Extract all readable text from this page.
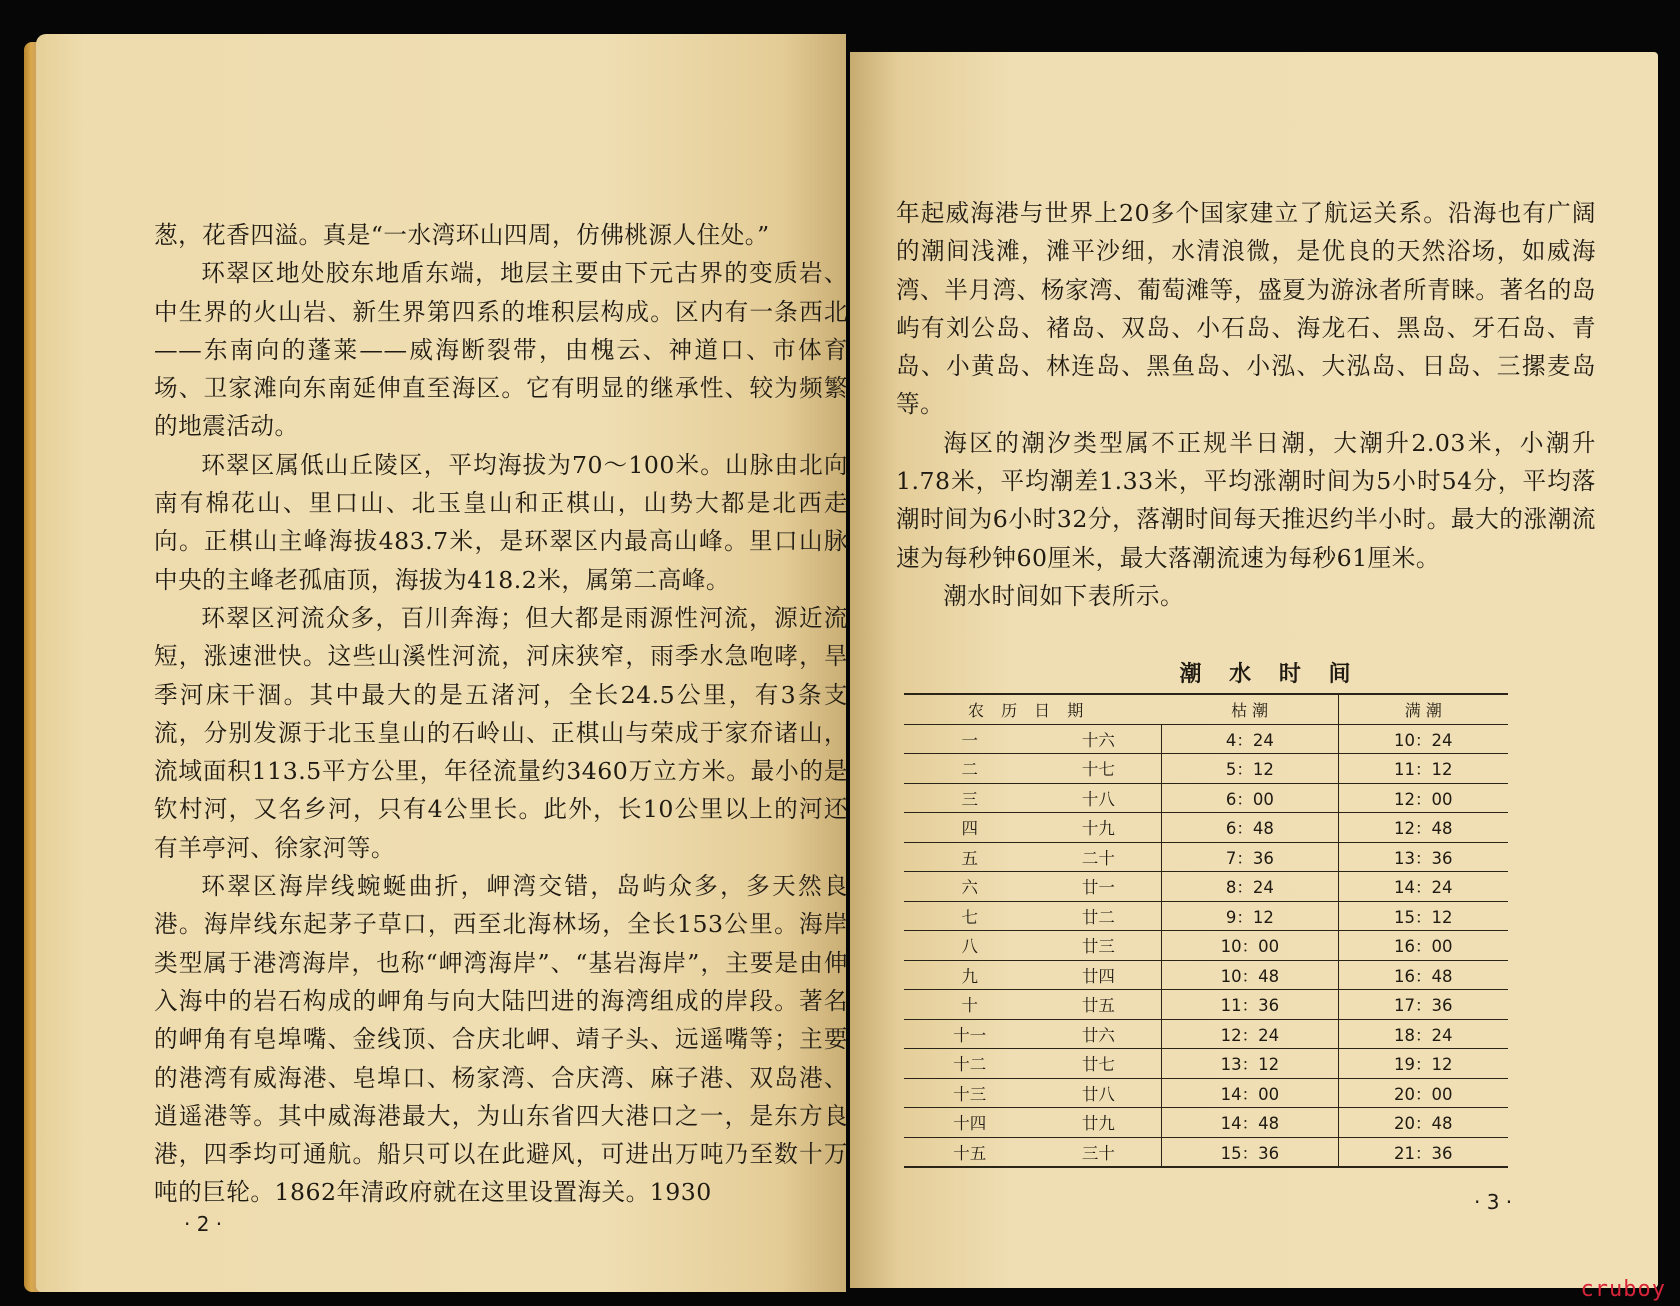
葱，花香四溢。真是“一水湾环山四周，仿佛桃源人住处。”

环翠区地处胶东地盾东端，地层主要由下元古界的变质岩、中生界的火山岩、新生界第四系的堆积层构成。区内有一条西北——东南向的蓬莱——威海断裂带，由槐云、神道口、市体育场、卫家滩向东南延伸直至海区。它有明显的继承性、较为频繁的地震活动。

环翠区属低山丘陵区，平均海拔为70～100米。山脉由北向南有棉花山、里口山、北玉皇山和正棋山，山势大都是北西走向。正棋山主峰海拔483.7米，是环翠区内最高山峰。里口山脉中央的主峰老孤庙顶，海拔为418.2米，属第二高峰。

环翠区河流众多，百川奔海；但大都是雨源性河流，源近流短，涨速泄快。这些山溪性河流，河床狭窄，雨季水急咆哮，旱季河床干涸。其中最大的是五渚河，全长24.5公里，有3条支流，分别发源于北玉皇山的石岭山、正棋山与荣成于家夼诸山，流域面积113.5平方公里，年径流量约3460万立方米。最小的是钦村河，又名乡河，只有4公里长。此外，长10公里以上的河还有羊亭河、徐家河等。

环翠区海岸线蜿蜒曲折，岬湾交错，岛屿众多，多天然良港。海岸线东起茅子草口，西至北海林场，全长153公里。海岸类型属于港湾海岸，也称“岬湾海岸”、“基岩海岸”，主要是由伸入海中的岩石构成的岬角与向大陆凹进的海湾组成的岸段。著名的岬角有皂埠嘴、金线顶、合庆北岬、靖子头、远遥嘴等；主要的港湾有威海港、皂埠口、杨家湾、合庆湾、麻子港、双岛港、逍遥港等。其中威海港最大，为山东省四大港口之一，是东方良港，四季均可通航。船只可以在此避风，可进出万吨乃至数十万吨的巨轮。1862年清政府就在这里设置海关。1930

· 2 ·

年起威海港与世界上20多个国家建立了航运关系。沿海也有广阔的潮间浅滩，滩平沙细，水清浪微，是优良的天然浴场，如威海湾、半月湾、杨家湾、葡萄滩等，盛夏为游泳者所青睐。著名的岛屿有刘公岛、褚岛、双岛、小石岛、海龙石、黑岛、牙石岛、青岛、小黄岛、林连岛、黑鱼岛、小泓、大泓岛、日岛、三摞麦岛等。

海区的潮汐类型属不正规半日潮，大潮升2.03米，小潮升1.78米，平均潮差1.33米，平均涨潮时间为5小时54分，平均落潮时间为6小时32分，落潮时间每天推迟约半小时。最大的涨潮流速为每秒钟60厘米，最大落潮流速为每秒61厘米。

潮水时间如下表所示。

潮 水 时 间
农 历 日 期		枯 潮	满 潮
一	十六	4：24	10：24
二	十七	5：12	11：12
三	十八	6：00	12：00
四	十九	6：48	12：48
五	二十	7：36	13：36
六	廿一	8：24	14：24
七	廿二	9：12	15：12
八	廿三	10：00	16：00
九	廿四	10：48	16：48
十	廿五	11：36	17：36
十一	廿六	12：24	18：24
十二	廿七	13：12	19：12
十三	廿八	14：00	20：00
十四	廿九	14：48	20：48
十五	三十	15：36	21：36
· 3 ·
cruboy
